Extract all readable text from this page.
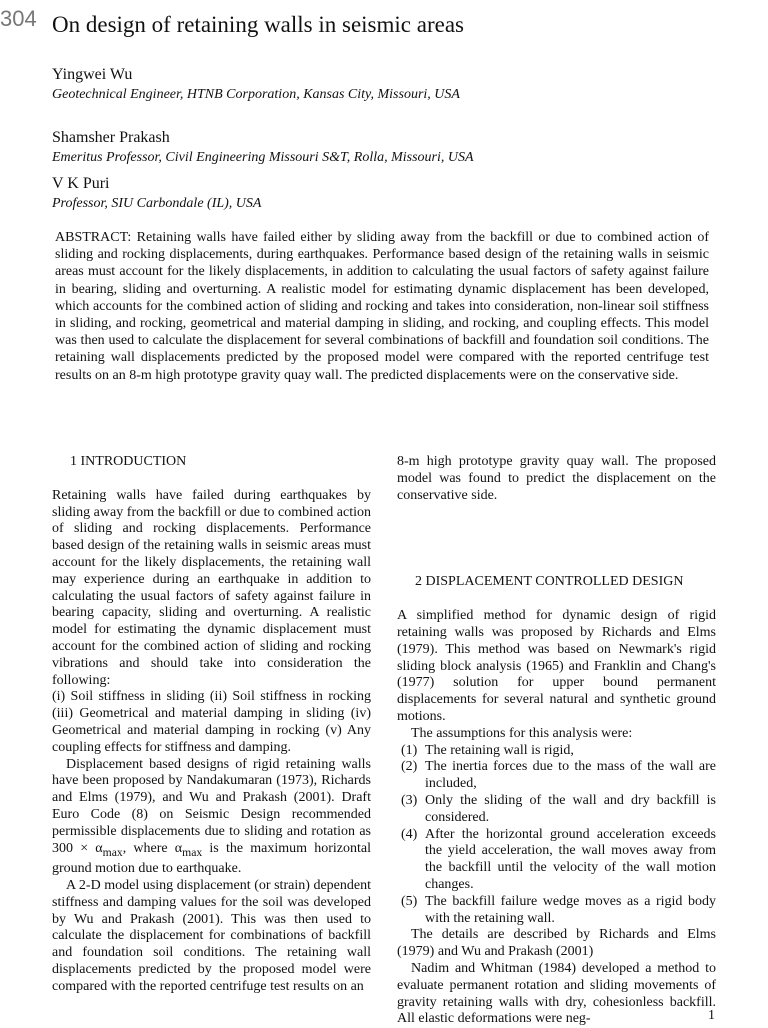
304 On design of retaining walls in seismic areas
Yingwei Wu
Geotechnical Engineer, HTNB Corporation, Kansas City, Missouri, USA
Shamsher Prakash
Emeritus Professor, Civil Engineering Missouri S&T, Rolla, Missouri, USA
V K Puri
Professor, SIU Carbondale (IL), USA

ABSTRACT: Retaining walls have failed either by sliding away from the backfill or due to combined action of sliding and rocking displacements, during earthquakes. Performance based design of the retaining walls in seismic areas must account for the likely displacements, in addition to calculating the usual factors of safety against failure in bearing, sliding and overturning. A realistic model for estimating dynamic displacement has been developed, which accounts for the combined action of sliding and rocking and takes into consideration, non-linear soil stiffness in sliding, and rocking, geometrical and material damping in sliding, and rocking, and coupling effects. This model was then used to calculate the displacement for several combinations of backfill and foundation soil conditions. The retaining wall displacements predicted by the proposed model were compared with the reported centrifuge test results on an 8-m high prototype gravity quay wall. The predicted displacements were on the conservative side.

1 INTRODUCTION

Retaining walls have failed during earthquakes by sliding away from the backfill or due to combined action of sliding and rocking displacements. Performance based design of the retaining walls in seismic areas must account for the likely displacements, the retaining wall may experience during an earthquake in addition to calculating the usual factors of safety against failure in bearing capacity, sliding and overturning. A realistic model for estimating the dynamic displacement must account for the combined action of sliding and rocking vibrations and should take into consideration the following:

(i) Soil stiffness in sliding (ii) Soil stiffness in rocking (iii) Geometrical and material damping in sliding (iv) Geometrical and material damping in rocking (v) Any coupling effects for stiffness and damping.

Displacement based designs of rigid retaining walls have been proposed by Nandakumaran (1973), Richards and Elms (1979), and Wu and Prakash (2001). Draft Euro Code (8) on Seismic Design recommended permissible displacements due to sliding and rotation as $300 \times \alpha_{max}$, where $\alpha_{max}$ is the maximum horizontal ground motion due to earthquake.

A 2-D model using displacement (or strain) dependent stiffness and damping values for the soil was developed by Wu and Prakash (2001). This was then used to calculate the displacement for combinations of backfill and foundation soil conditions. The retaining wall displacements predicted by the proposed model were compared with the reported centrifuge test results on an

8-m high prototype gravity quay wall. The proposed model was found to predict the displacement on the conservative side.

2 DISPLACEMENT CONTROLLED DESIGN

A simplified method for dynamic design of rigid retaining walls was proposed by Richards and Elms (1979). This method was based on Newmark's rigid sliding block analysis (1965) and Franklin and Chang's (1977) solution for upper bound permanent displacements for several natural and synthetic ground motions.

The assumptions for this analysis were:

(1) The retaining wall is rigid,
(2) The inertia forces due to the mass of the wall are included,
(3) Only the sliding of the wall and dry backfill is considered.
(4) After the horizontal ground acceleration exceeds the yield acceleration, the wall moves away from the backfill until the velocity of the wall motion changes.
(5) The backfill failure wedge moves as a rigid body with the retaining wall.

The details are described by Richards and Elms (1979) and Wu and Prakash (2001)

Nadim and Whitman (1984) developed a method to evaluate permanent rotation and sliding movements of gravity retaining walls with dry, cohesionless backfill. All elastic deformations were neg-	1
